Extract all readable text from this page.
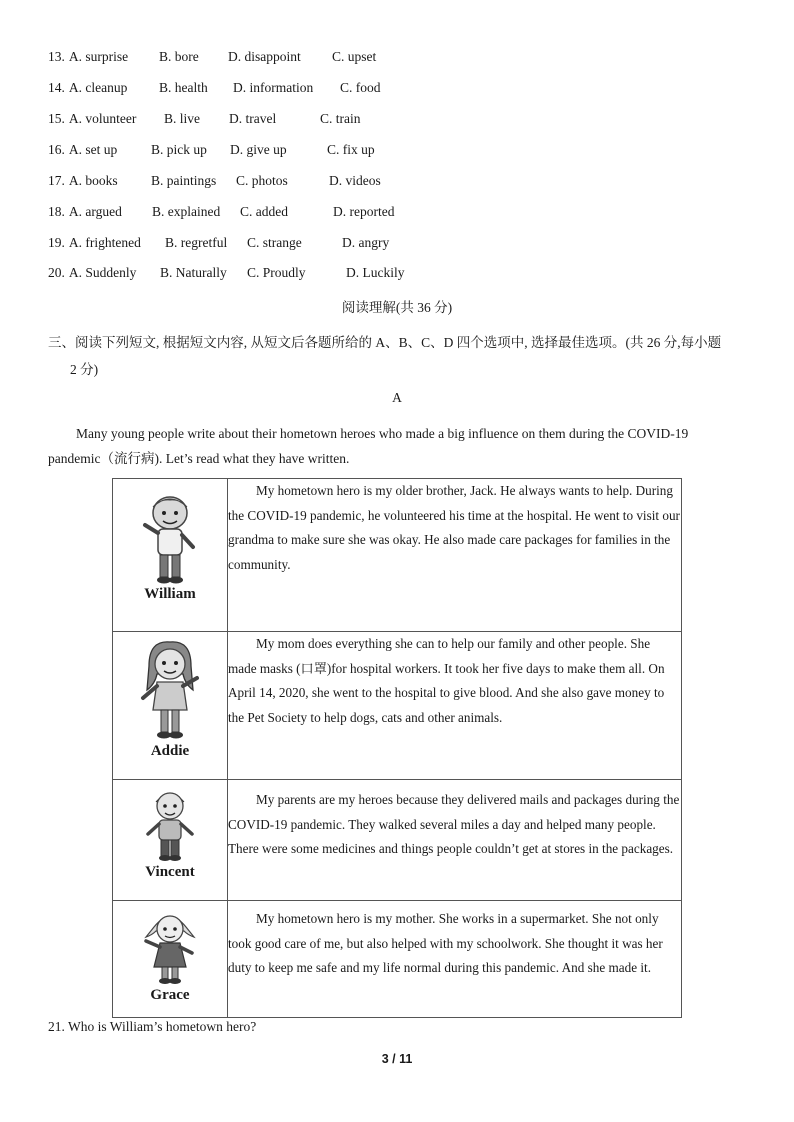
13. A. surprise B. bore D. disappoint C. upset
14. A. cleanup B. health D. information C. food
15. A. volunteer B. live D. travel	C. train
16. A. set up	B. pick up D. give up	C. fix up
17. A. books B. paintings C. photos	D. videos
18. A. argued B. explained C. added	D. reported
19. A. frightened B. regretful C. strange	D. angry
20. A. Suddenly B. Naturally C. Proudly	D. Luckily
阅读理解(共 36 分)
三、阅读下列短文, 根据短文内容, 从短文后各题所给的 A、B、C、D 四个选项中, 选择最佳选项。(共 26 分,每小题
2 分)
A
Many young people write about their hometown heroes who made a big influence on them during the COVID-19
pandemic（流行病). Let’s read what they have written.
William	My hometown hero is my older brother, Jack. He always wants to help. During the COVID-19 pandemic, he volunteered his time at the hospital. He went to visit our grandma to make sure she was okay. He also made care packages for families in the community.

Addie	My mom does everything she can to help our family and other people. She made masks (口罩)for hospital workers. It took her five days to make them all. On April 14, 2020, she went to the hospital to give blood. And she also gave money to the Pet Society to help dogs, cats and other animals.

Vincent	My parents are my heroes because they delivered mails and packages during the COVID-19 pandemic. They walked several miles a day and helped many people. There were some medicines and things people couldn’t get at stores in the packages.

Grace	My hometown hero is my mother. She works in a supermarket. She not only took good care of me, but also helped with my schoolwork. She thought it was her duty to keep me safe and my life normal during this pandemic. And she made it.
21. Who is William’s hometown hero?
3 / 11
